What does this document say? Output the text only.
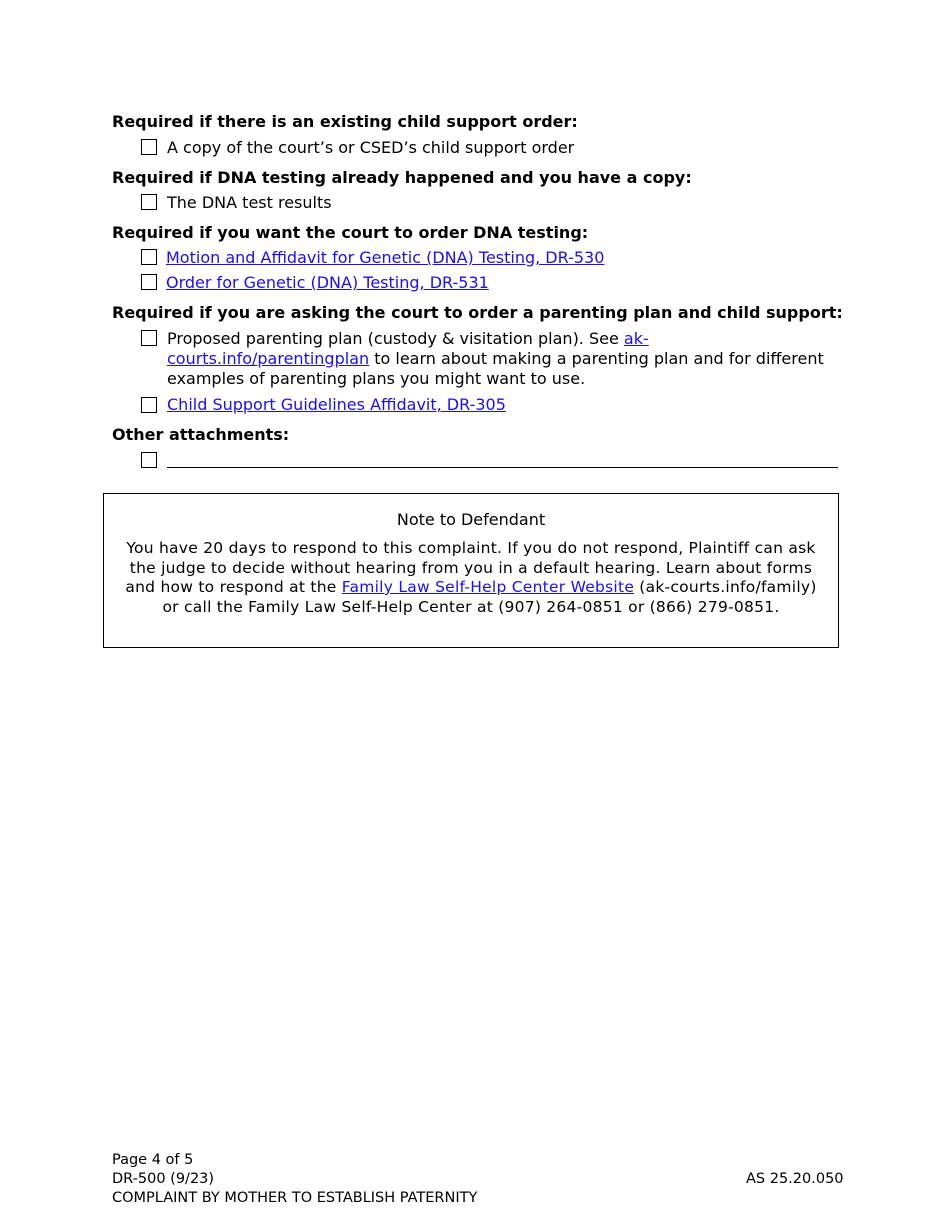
Required if there is an existing child support order:
A copy of the court’s or CSED’s child support order
Required if DNA testing already happened and you have a copy:
The DNA test results
Required if you want the court to order DNA testing:
Motion and Affidavit for Genetic (DNA) Testing, DR-530
Order for Genetic (DNA) Testing, DR-531
Required if you are asking the court to order a parenting plan and child support:
Proposed parenting plan (custody & visitation plan). See ak-courts.info/parentingplan to learn about making a parenting plan and for different examples of parenting plans you might want to use.
Child Support Guidelines Affidavit, DR-305
Other attachments:
Note to Defendant
You have 20 days to respond to this complaint. If you do not respond, Plaintiff can ask the judge to decide without hearing from you in a default hearing. Learn about forms and how to respond at the Family Law Self-Help Center Website (ak-courts.info/family) or call the Family Law Self-Help Center at (907) 264-0851 or (866) 279-0851.
Page 4 of 5
DR-500 (9/23)
COMPLAINT BY MOTHER TO ESTABLISH PATERNITY
AS 25.20.050
